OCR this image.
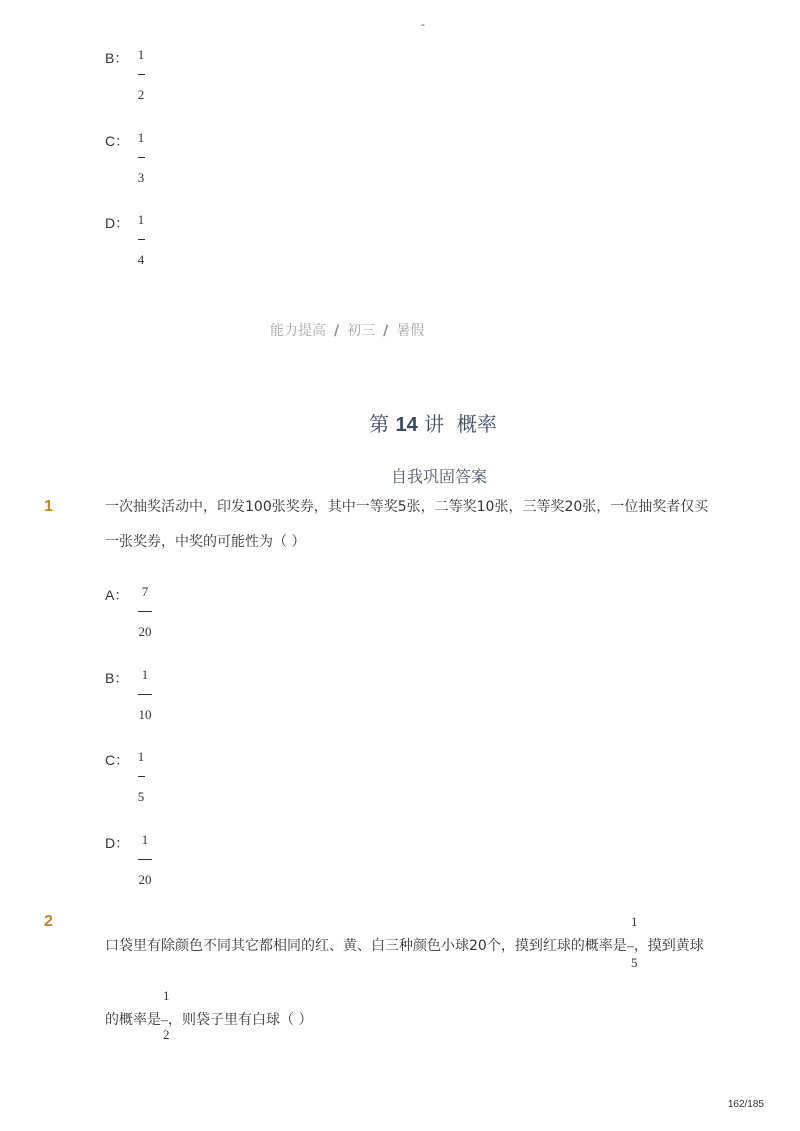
-
B： 1
2
C： 1
3
D： 1
4
能力提高 / 初三 / 暑假
第 14 讲  概率
自我巩固答案
1	一次抽奖活动中，印发100张奖券，其中一等奖5张，二等奖10张，三等奖20张，一位抽奖者仅买
一张奖券，中奖的可能性为（ ）
A：	7
20
B：	1
10
C： 1
5
D： 1
20
2
口袋里有除颜色不同其它都相同的红、黄、白三种颜色小球20个，摸到红球的概率是–，摸到黄球
1
5
的概率是–，则袋子里有白球（ ）
1
2
162/185
